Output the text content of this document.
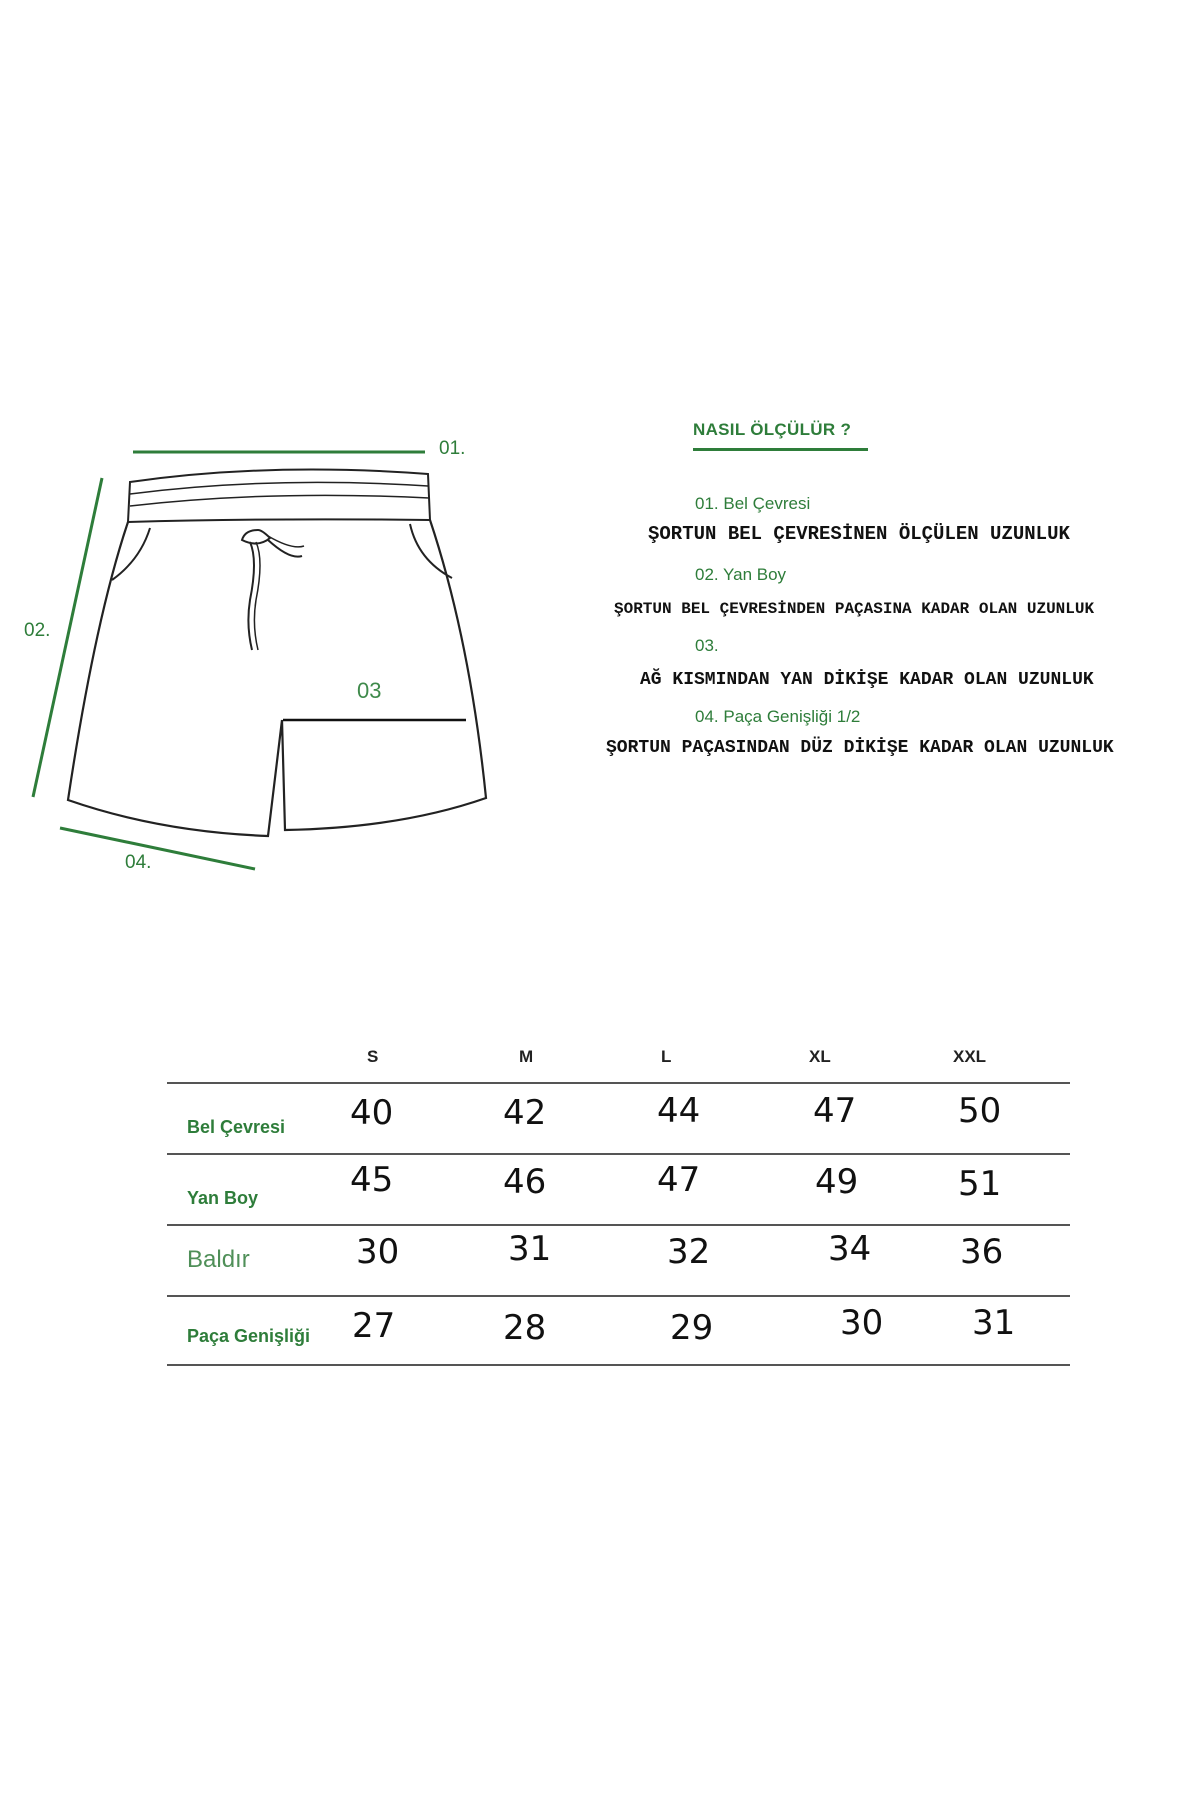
01.
02.
03
04.
NASIL ÖLÇÜLÜR ?
01. Bel Çevresi
ŞORTUN BEL ÇEVRESİNEN ÖLÇÜLEN UZUNLUK
02. Yan Boy
ŞORTUN BEL ÇEVRESİNDEN PAÇASINA KADAR OLAN UZUNLUK
03.
AĞ KISMINDAN YAN DİKİŞE KADAR OLAN UZUNLUK
04. Paça Genişliği 1/2
ŞORTUN PAÇASINDAN DÜZ DİKİŞE KADAR OLAN UZUNLUK
S	M	L	XL	XXL
Bel Çevresi 40	42	44	47	50
Yan Boy	45	46	47	49	51
Baldır	30	31	32	34	36
Paça Genişliği 27	28	29	30	31
